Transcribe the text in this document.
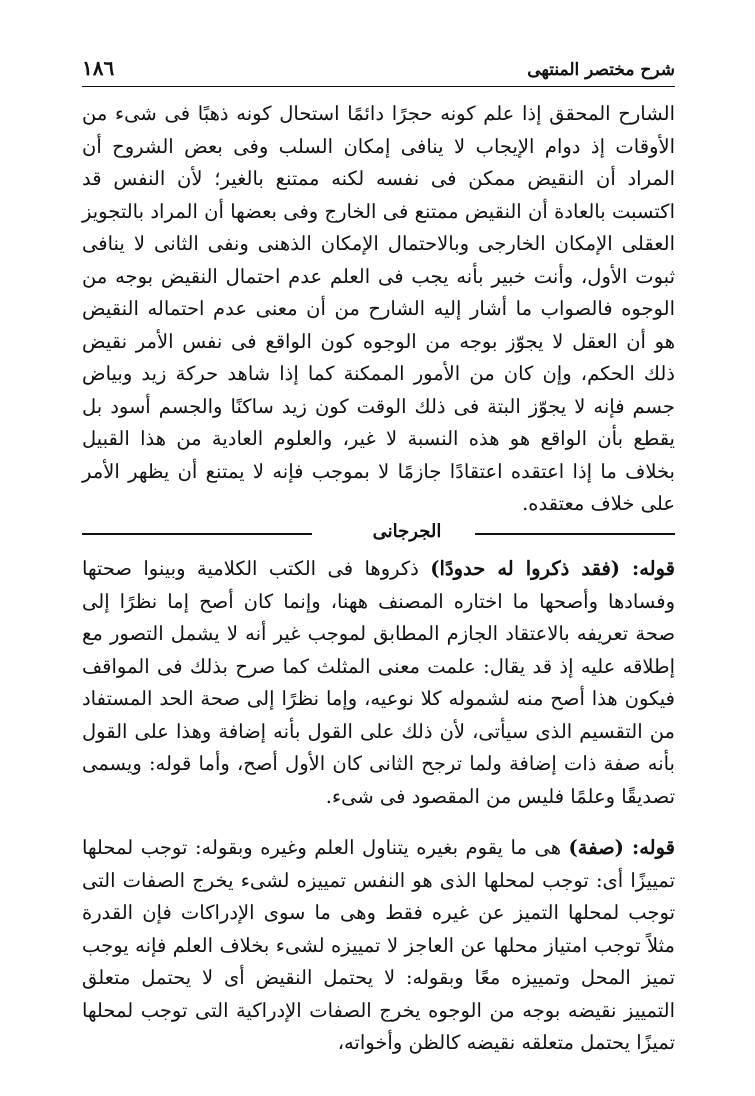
شرح مختصر المنتهى
١٨٦

الشارح المحقق إذا علم كونه حجرًا دائمًا استحال كونه ذهبًا فى شىء من الأوقات إذ دوام الإيجاب لا ينافى إمكان السلب وفى بعض الشروح أن المراد أن النقيض ممكن فى نفسه لكنه ممتنع بالغير؛ لأن النفس قد اكتسبت بالعادة أن النقيض ممتنع فى الخارج وفى بعضها أن المراد بالتجويز العقلى الإمكان الخارجى وبالاحتمال الإمكان الذهنى ونفى الثانى لا ينافى ثبوت الأول، وأنت خبير بأنه يجب فى العلم عدم احتمال النقيض بوجه من الوجوه فالصواب ما أشار إليه الشارح من أن معنى عدم احتماله النقيض هو أن العقل لا يجوّز بوجه من الوجوه كون الواقع فى نفس الأمر نقيض ذلك الحكم، وإن كان من الأمور الممكنة كما إذا شاهد حركة زيد وبياض جسم فإنه لا يجوّز البتة فى ذلك الوقت كون زيد ساكنًا والجسم أسود بل يقطع بأن الواقع هو هذه النسبة لا غير، والعلوم العادية من هذا القبيل بخلاف ما إذا اعتقده اعتقادًا جازمًا لا بموجب فإنه لا يمتنع أن يظهر الأمر على خلاف معتقده.

الجرجانى

قوله: (فقد ذكروا له حدودًا) ذكروها فى الكتب الكلامية وبينوا صحتها وفسادها وأصحها ما اختاره المصنف ههنا، وإنما كان أصح إما نظرًا إلى صحة تعريفه بالاعتقاد الجازم المطابق لموجب غير أنه لا يشمل التصور مع إطلاقه عليه إذ قد يقال: علمت معنى المثلث كما صرح بذلك فى المواقف فيكون هذا أصح منه لشموله كلا نوعيه، وإما نظرًا إلى صحة الحد المستفاد من التقسيم الذى سيأتى، لأن ذلك على القول بأنه إضافة وهذا على القول بأنه صفة ذات إضافة ولما ترجح الثانى كان الأول أصح، وأما قوله: ويسمى تصديقًا وعلمًا فليس من المقصود فى شىء.

قوله: (صفة) هى ما يقوم بغيره يتناول العلم وغيره وبقوله: توجب لمحلها تمييزًا أى: توجب لمحلها الذى هو النفس تمييزه لشىء يخرج الصفات التى توجب لمحلها التميز عن غيره فقط وهى ما سوى الإدراكات فإن القدرة مثلاً توجب امتياز محلها عن العاجز لا تمييزه لشىء بخلاف العلم فإنه يوجب تميز المحل وتمييزه معًا وبقوله: لا يحتمل النقيض أى لا يحتمل متعلق التمييز نقيضه بوجه من الوجوه يخرج الصفات الإدراكية التى توجب لمحلها تميزًا يحتمل متعلقه نقيضه كالظن وأخواته،
